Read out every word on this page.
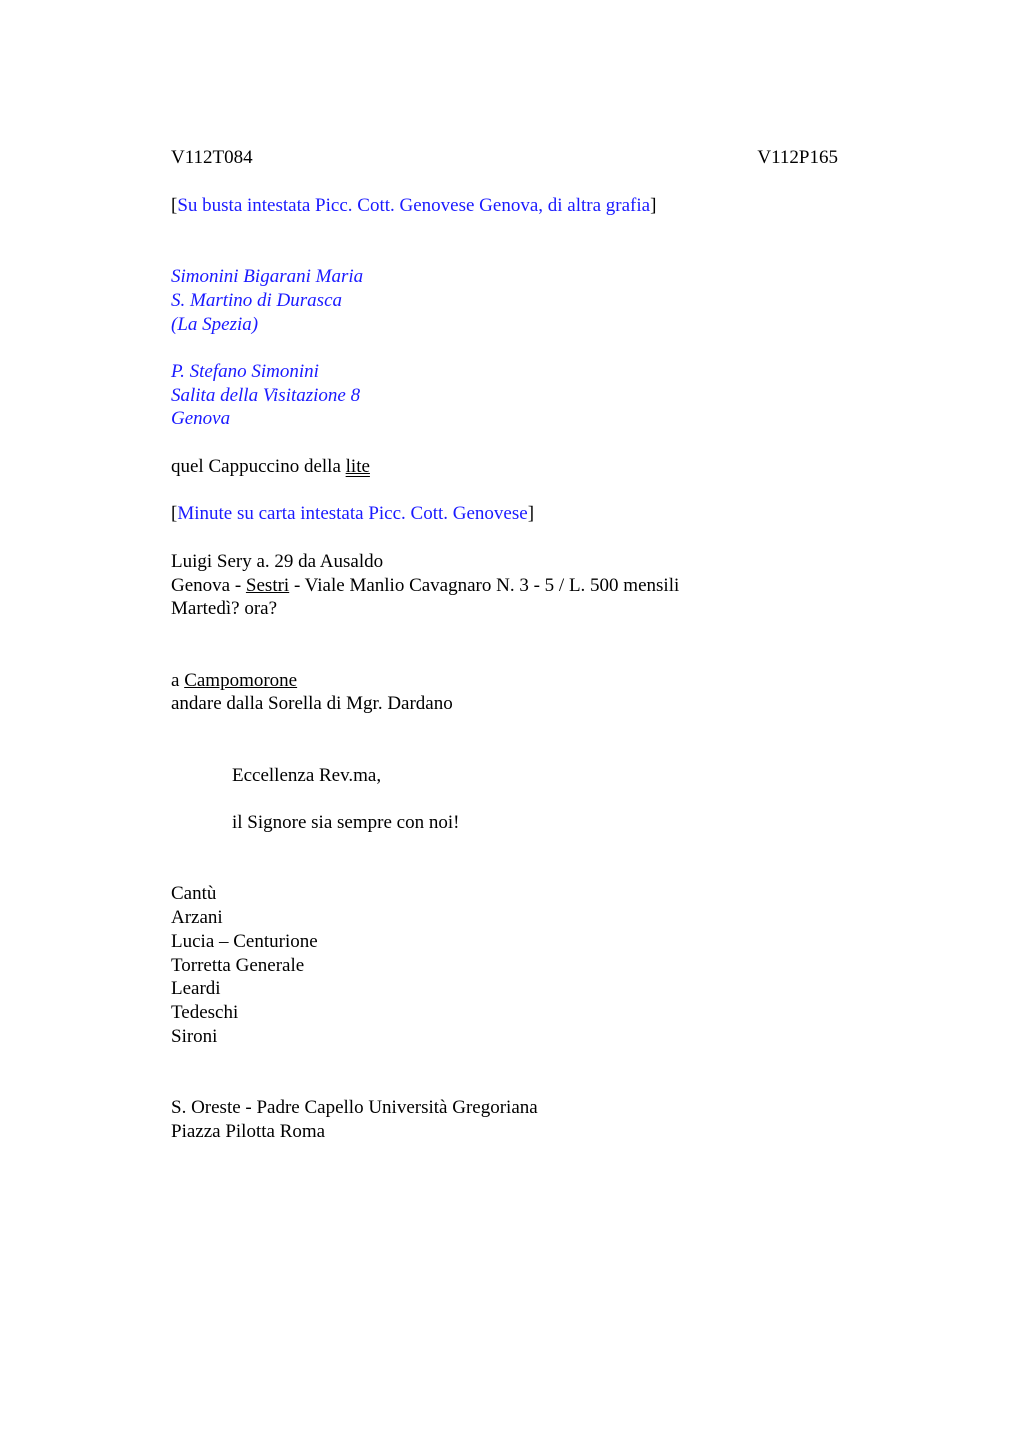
V112T084	V112P165
[Su busta intestata Picc. Cott. Genovese Genova, di altra grafia]
Simonini Bigarani Maria
S. Martino di Durasca
(La Spezia)
P. Stefano Simonini
Salita della Visitazione 8
Genova
quel Cappuccino della lite
[Minute su carta intestata Picc. Cott. Genovese]
Luigi Sery a. 29 da Ausaldo
Genova - Sestri - Viale Manlio Cavagnaro N. 3 - 5 / L. 500 mensili
Martedì? ora?
a Campomorone
andare dalla Sorella di Mgr. Dardano
Eccellenza Rev.ma,
il Signore sia sempre con noi!
Cantù
Arzani
Lucia – Centurione
Torretta Generale
Leardi
Tedeschi
Sironi
S. Oreste - Padre Capello Università Gregoriana
Piazza Pilotta Roma
